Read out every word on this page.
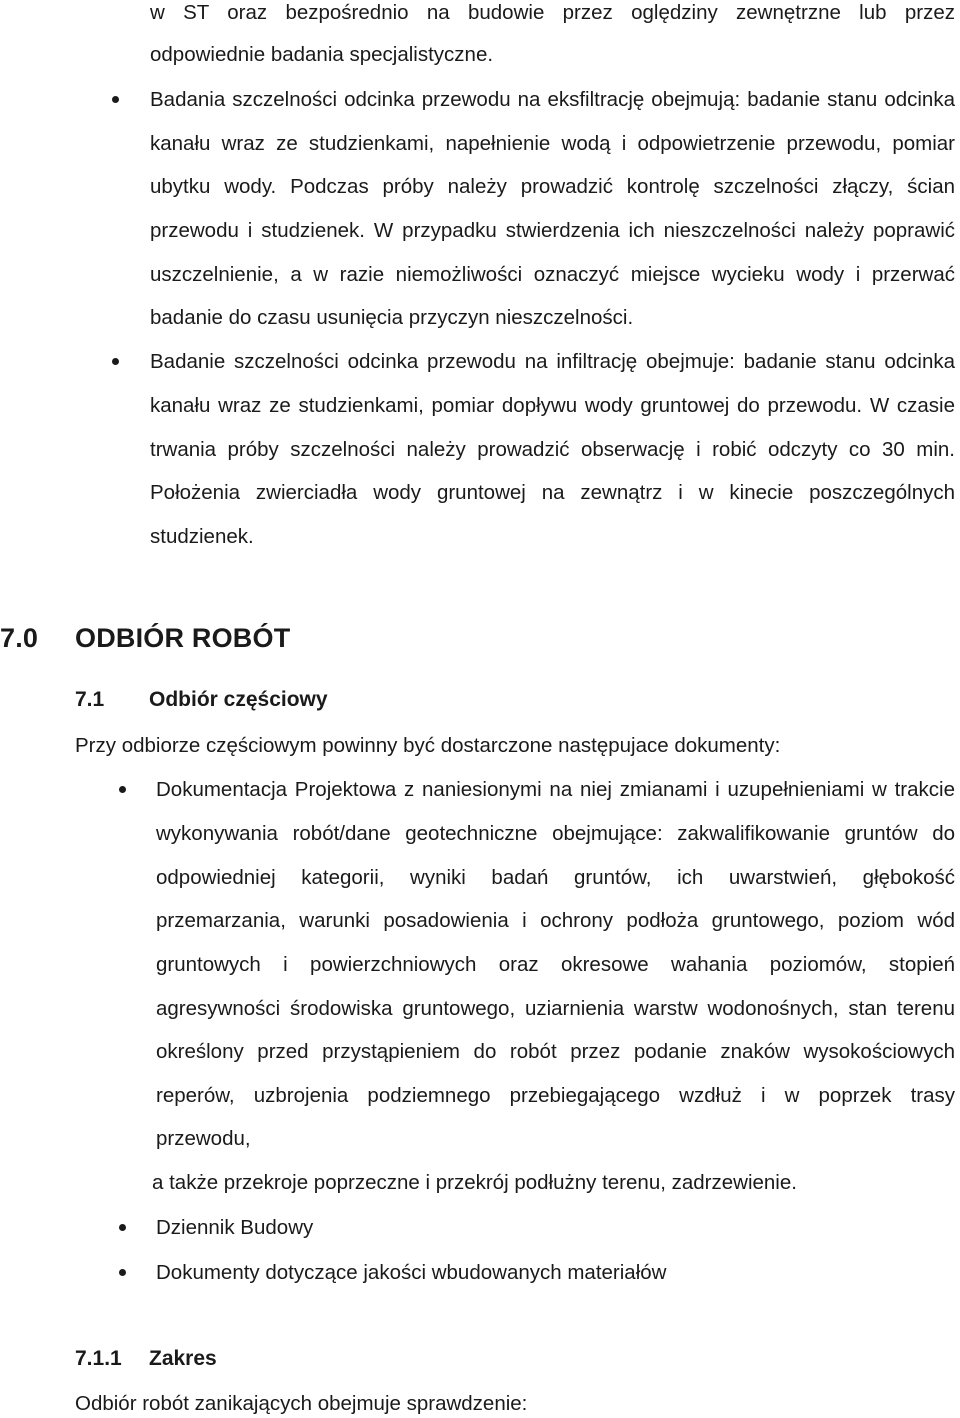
w ST oraz bezpośrednio na budowie przez oględziny zewnętrzne lub przez
odpowiednie badania specjalistyczne.
Badania szczelności odcinka przewodu na eksfiltrację obejmują: badanie stanu odcinka
kanału wraz ze studzienkami, napełnienie wodą i odpowietrzenie przewodu, pomiar
ubytku wody. Podczas próby należy prowadzić kontrolę szczelności złączy, ścian
przewodu i studzienek. W przypadku stwierdzenia ich nieszczelności należy poprawić
uszczelnienie, a w razie niemożliwości oznaczyć miejsce wycieku wody i przerwać
badanie do czasu usunięcia przyczyn nieszczelności.
Badanie szczelności odcinka przewodu na infiltrację obejmuje: badanie stanu odcinka
kanału wraz ze studzienkami, pomiar dopływu wody gruntowej do przewodu. W czasie
trwania próby szczelności należy prowadzić obserwację i robić odczyty co 30 min.
Położenia zwierciadła wody gruntowej na zewnątrz i w kinecie poszczególnych
studzienek.
7.0 ODBIÓR ROBÓT
7.1 Odbiór częściowy
Przy odbiorze częściowym powinny być dostarczone następujace dokumenty:
Dokumentacja Projektowa z naniesionymi na niej zmianami i uzupełnieniami w trakcie
wykonywania robót/dane geotechniczne obejmujące: zakwalifikowanie gruntów do
odpowiedniej kategorii, wyniki badań gruntów, ich uwarstwień, głębokość
przemarzania, warunki posadowienia i ochrony podłoża gruntowego, poziom wód
gruntowych i powierzchniowych oraz okresowe wahania poziomów, stopień
agresywności środowiska gruntowego, uziarnienia warstw wodonośnych, stan terenu
określony przed przystąpieniem do robót przez podanie znaków wysokościowych
reperów, uzbrojenia podziemnego przebiegającego wzdłuż i w poprzek trasy
przewodu,
a także przekroje poprzeczne i przekrój podłużny terenu, zadrzewienie.
Dziennik Budowy
Dokumenty dotyczące jakości wbudowanych materiałów
7.1.1 Zakres
Odbiór robót zanikających obejmuje sprawdzenie:
